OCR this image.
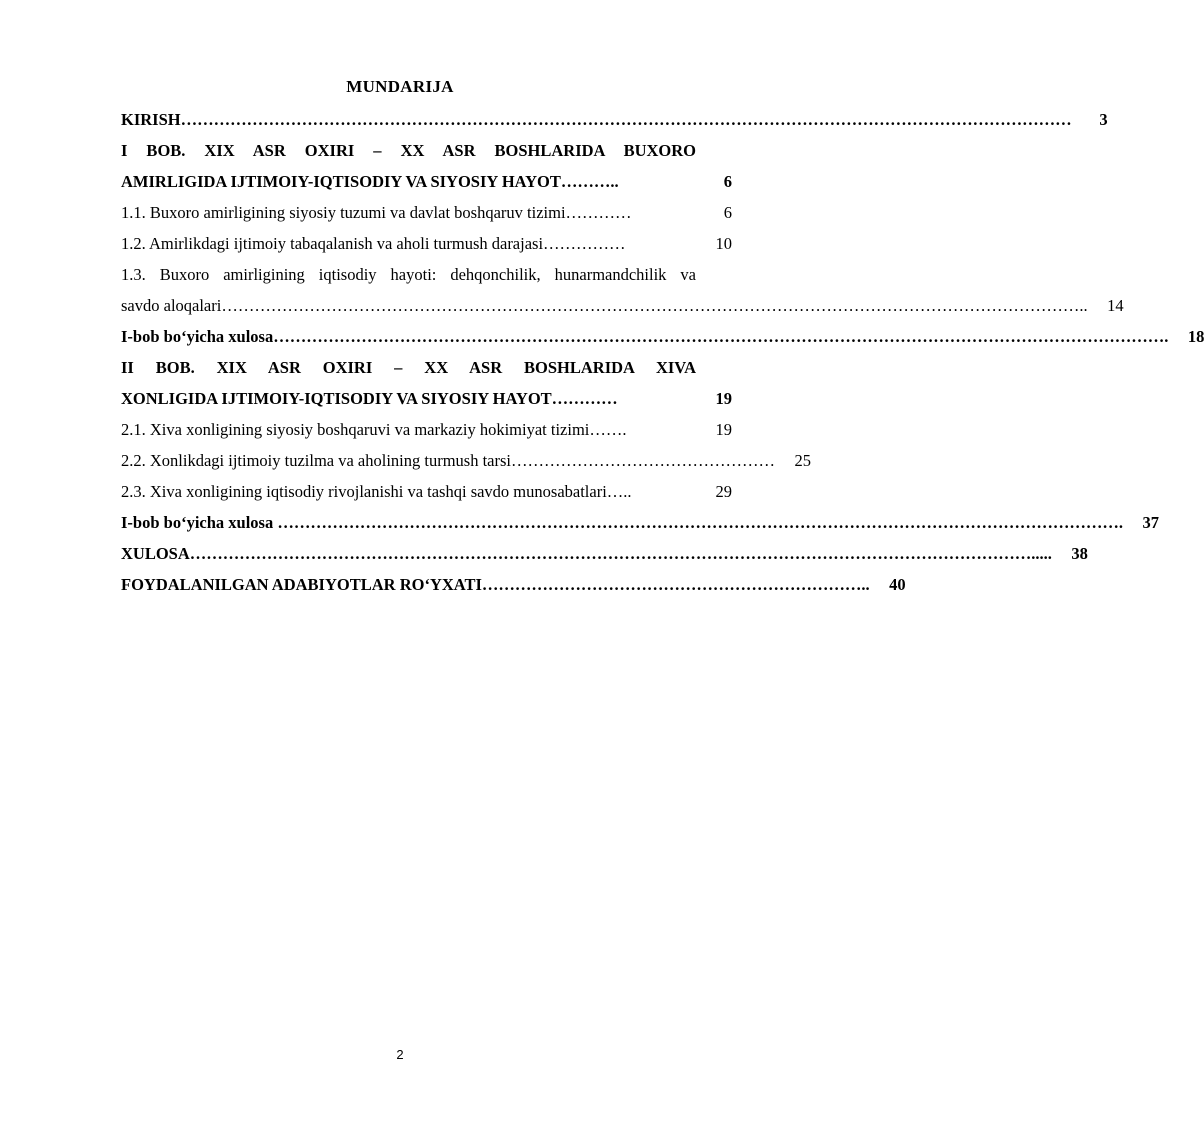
MUNDARIJA
KIRISH………………………………………………………………………………………………………………………………………………	3
I BOB. XIX ASR OXIRI – XX ASR BOSHLARIDA BUXORO
AMIRLIGIDA IJTIMOIY-IQTISODIY VA SIYOSIY HAYOT………..	6
1.1. Buxoro amirligining siyosiy tuzumi va davlat boshqaruv tizimi…………	6
1.2. Amirlikdagi ijtimoiy tabaqalanish va aholi turmush darajasi……………	10
1.3. Buxoro amirligining iqtisodiy hayoti: dehqonchilik, hunarmandchilik va
savdo aloqalari…………………………………………………………………………………………………………………………………………..	14
I-bob bo‘yicha xulosa……………………………………………………………………………………………………………………………………………….	18
II BOB. XIX ASR OXIRI – XX ASR BOSHLARIDA XIVA
XONLIGIDA IJTIMOIY-IQTISODIY VA SIYOSIY HAYOT…………	19
2.1. Xiva xonligining siyosiy boshqaruvi va markaziy hokimiyat tizimi…….	19
2.2. Xonlikdagi ijtimoiy tuzilma va aholining turmush tarsi…………………………………………	25
2.3. Xiva xonligining iqtisodiy rivojlanishi va tashqi savdo munosabatlari…..	29
I-bob bo‘yicha xulosa ……………………………………………………………………………………………………………………………………….	37
XULOSA……………………………………………………………………………………………………………………………………….....	38
FOYDALANILGAN ADABIYOTLAR RO‘YXATI……………………………………………………………..	40
2
